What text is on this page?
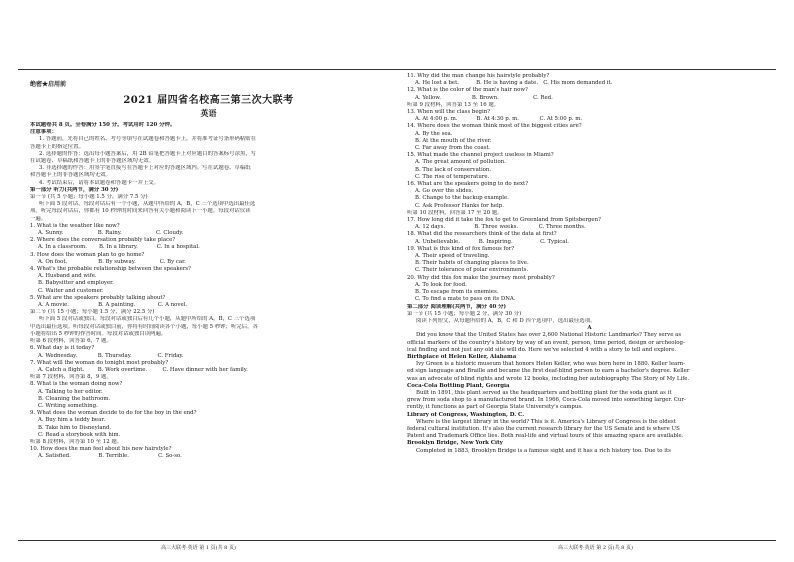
绝密★启用前
2021 届四省名校高三第三次大联考
英语
本试题卷共 8 页。全卷满分 150 分。考试用时 120 分钟。
注意事项：
1. 答题前，先将自己的姓名、考号等填写在试题卷和答题卡上，并将准考证号条形码粘贴在
答题卡上的指定位置。
2. 选择题的作答：选出每小题答案后，用 2B 铅笔把答题卡上对应题目的答案标号涂黑，写
在试题卷、草稿纸和答题卡上的非答题区域均无效。
3. 非选择题的作答：用签字笔直接写在答题卡上对应的答题区域内。写在试题卷、草稿纸
和答题卡上的非答题区域均无效。
4. 考试结束后，请将本试题卷和答题卡一并上交。
第一部分 听力(共两节，满分 30 分)
第一节 (共 5 小题；每小题 1.5 分，满分 7.5 分)
听下面 5 段对话。每段对话后有一个小题，从题中所给的 A，B，C 三个选项中选出最佳选
项。听完每段对话后，你都有 10 秒钟的时间来回答有关小题和阅读下一小题。每段对话仅读
一遍。
1. What is the weather like now?
A. Sunny.                    B. Rainy.                    C. Cloudy.
2. Where does the conversation probably take place?
A. In a classroom.       B. In a library.           C. In a hospital.
3. How does the woman plan to go home?
A. On foot.                  B. By subway.              C. By car.
4. What's the probable relationship between the speakers?
A. Husband and wife.
B. Babysitter and employer.
C. Waiter and customer.
5. What are the speakers probably talking about?
A. A movie.                 B. A painting.             C. A novel.
第二节 (共 15 小题；每小题 1.5 分，满分 22.5 分)
听下面 5 段对话或独白。每段对话或独白后有几个小题，从题中所给的 A，B，C 三个选项
中选出最佳选项。听每段对话或独白前，你将有时间阅读各个小题，每小题 5 秒钟；听完后，各
小题将给出 5 秒钟的作答时间。每段对话或独白读两遍。
听第 6 段材料，回答第 6，7 题。
6. What day is it today?
A. Wednesday.            B. Thursday.               C. Friday.
7. What will the woman do tonight most probably?
A. Catch a flight.        B. Work overtime.         C. Have dinner with her family.
听第 7 段材料，回答第 8，9 题。
8. What is the woman doing now?
A. Talking to her editor.
B. Cleaning the bathroom.
C. Writing something.
9. What does the woman decide to do for the boy in the end?
A. Buy him a teddy bear.
B. Take him to Disneyland.
C. Read a storybook with him.
听第 8 段材料，回答第 10 至 12 题。
10. How does the man feel about his new hairstyle?
A. Satisfied.                B. Terrible.                 C. So-so.
高三大联考·英语 第 1 页(共 8 页)
11. Why did the man change his hairstyle probably?
A. He lost a bet.          B. He is having a date.   C. His mom demanded it.
12. What is the color of the man's hair now?
A. Yellow.                  B. Brown.                    C. Red.
听第 9 段材料，回答第 13 至 16 题。
13. When will the class begin?
A. At 4:00 p. m.           B. At 4:30 p. m.            C. At 5:00 p. m.
14. Where does the woman think most of the biggest cities are?
A. By the sea.
B. At the mouth of the river.
C. Far away from the coast.
15. What made the channel project useless in Miami?
A. The great amount of pollution.
B. The lack of conservation.
C. The rise of temperature.
16. What are the speakers going to do next?
A. Go over the slides.
B. Change to the backup example.
C. Ask Professor Hanks for help.
听第 10 段材料，回答第 17 至 20 题。
17. How long did it take the fox to get to Greenland from Spitsbergen?
A. 12 days.                 B. Three weeks.            C. Three months.
18. What did the researchers think of the data at first?
A. Unbelievable.           B. Inspiring.                C. Typical.
19. What is this kind of fox famous for?
A. Their speed of traveling.
B. Their habits of changing places to live.
C. Their tolerance of polar environments.
20. Why did this fox make the journey most probably?
A. To look for food.
B. To escape from its enemies.
C. To find a mate to pass on its DNA.
第二部分 阅读理解(共两节，满分 40 分)
第一节 (共 15 小题；每小题 2 分，满分 30 分)
阅读下列短文，从每题所给的 A，B，C 和 D 四个选项中，选出最佳选项。
A
Did you know that the United States has over 2,600 National Historic Landmarks? They serve as
official markers of the country's history by way of an event, person, time period, design or archeolog-
ical finding and not just any old site will do. Here we've selected 4 with a story to tell and explore.
Birthplace of Helen Keller, Alabama
Ivy Green is a historic museum that honors Helen Keller, who was born here in 1880. Keller learn-
ed sign language and Braille and became the first deaf-blind person to earn a bachelor's degree. Keller
was an advocate of blind rights and wrote 12 books, including her autobiography The Story of My Life.
Coca-Cola Bottling Plant, Georgia
Built in 1891, this plant served as the headquarters and bottling plant for the soda giant as it
grew from soda shop to a manufactured brand. In 1966, Coca-Cola moved into something larger. Cur-
rently, it functions as part of Georgia State University's campus.
Library of Congress, Washington, D. C.
Where is the largest library in the world? This is it. America's Library of Congress is the oldest
federal cultural institution. It's also the current research library for the US Senate and is where US
Patent and Trademark Office lies. Both real-life and virtual tours of this amazing space are available.
Brooklyn Bridge, New York City
Completed in 1883, Brooklyn Bridge is a famous sight and it has a rich history too. Due to its
高三大联考·英语 第 2 页(共 8 页)
